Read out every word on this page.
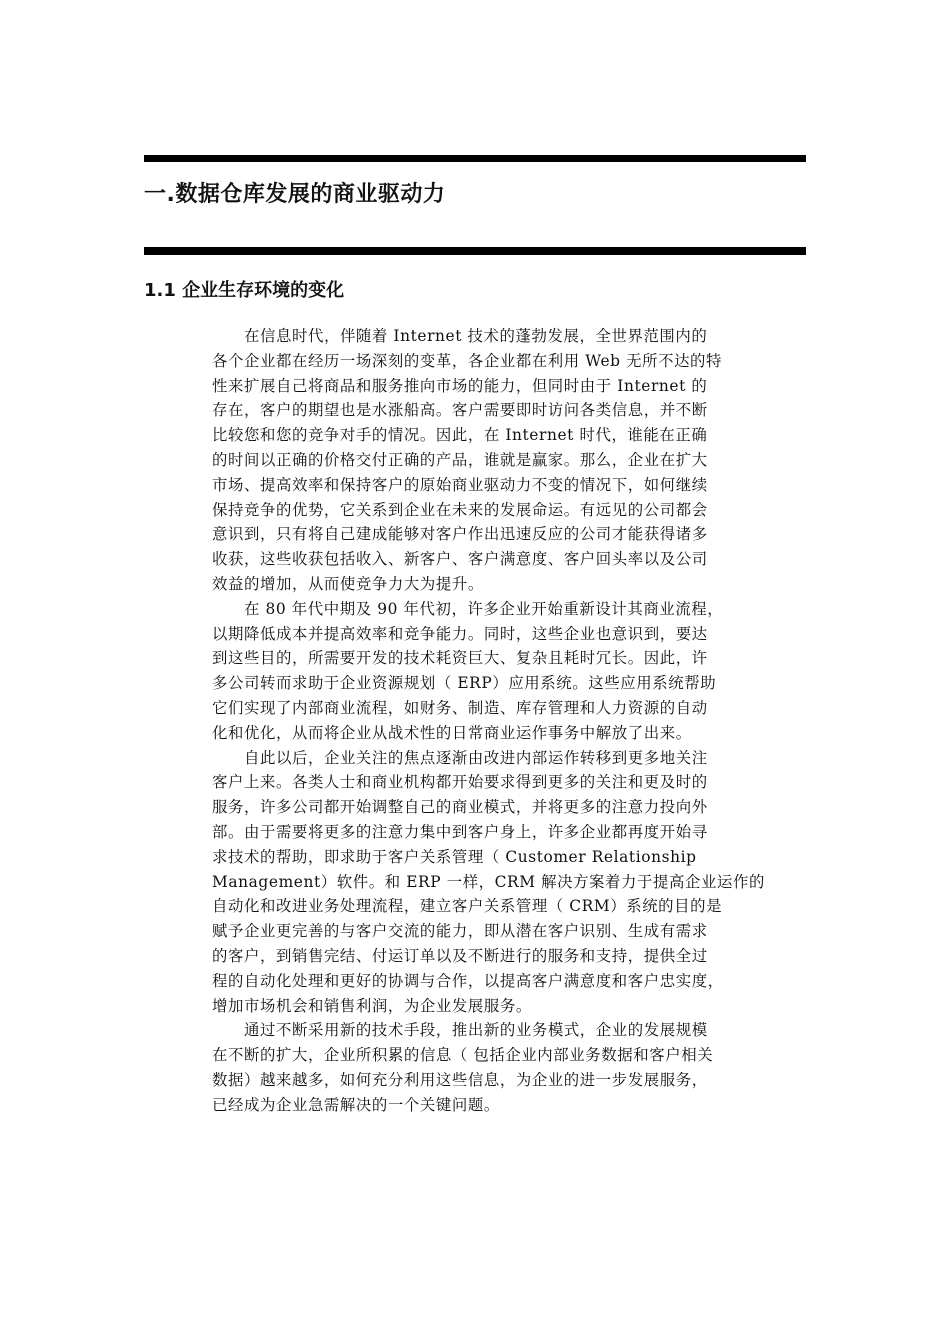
一.数据仓库发展的商业驱动力
1.1 企业生存环境的变化
在信息时代，伴随着 Internet 技术的蓬勃发展，全世界范围内的
各个企业都在经历一场深刻的变革，各企业都在利用 Web 无所不达的特
性来扩展自己将商品和服务推向市场的能力，但同时由于 Internet 的
存在，客户的期望也是水涨船高。客户需要即时访问各类信息，并不断
比较您和您的竞争对手的情况。因此，在 Internet 时代，谁能在正确
的时间以正确的价格交付正确的产品，谁就是赢家。那么，企业在扩大
市场、提高效率和保持客户的原始商业驱动力不变的情况下，如何继续
保持竞争的优势，它关系到企业在未来的发展命运。有远见的公司都会
意识到，只有将自己建成能够对客户作出迅速反应的公司才能获得诸多
收获，这些收获包括收入、新客户、客户满意度、客户回头率以及公司
效益的增加，从而使竞争力大为提升。
在 80 年代中期及 90 年代初，许多企业开始重新设计其商业流程，
以期降低成本并提高效率和竞争能力。同时，这些企业也意识到，要达
到这些目的，所需要开发的技术耗资巨大、复杂且耗时冗长。因此，许
多公司转而求助于企业资源规划（ ERP）应用系统。这些应用系统帮助
它们实现了内部商业流程，如财务、制造、库存管理和人力资源的自动
化和优化，从而将企业从战术性的日常商业运作事务中解放了出来。
自此以后，企业关注的焦点逐渐由改进内部运作转移到更多地关注
客户上来。各类人士和商业机构都开始要求得到更多的关注和更及时的
服务，许多公司都开始调整自己的商业模式，并将更多的注意力投向外
部。由于需要将更多的注意力集中到客户身上，许多企业都再度开始寻
求技术的帮助，即求助于客户关系管理（ Customer Relationship
Management）软件。和 ERP 一样，CRM 解决方案着力于提高企业运作的
自动化和改进业务处理流程，建立客户关系管理（ CRM）系统的目的是
赋予企业更完善的与客户交流的能力，即从潜在客户识别、生成有需求
的客户，到销售完结、付运订单以及不断进行的服务和支持，提供全过
程的自动化处理和更好的协调与合作，以提高客户满意度和客户忠实度，
增加市场机会和销售利润，为企业发展服务。
通过不断采用新的技术手段，推出新的业务模式，企业的发展规模
在不断的扩大，企业所积累的信息（ 包括企业内部业务数据和客户相关
数据）越来越多，如何充分利用这些信息，为企业的进一步发展服务，
已经成为企业急需解决的一个关键问题。
